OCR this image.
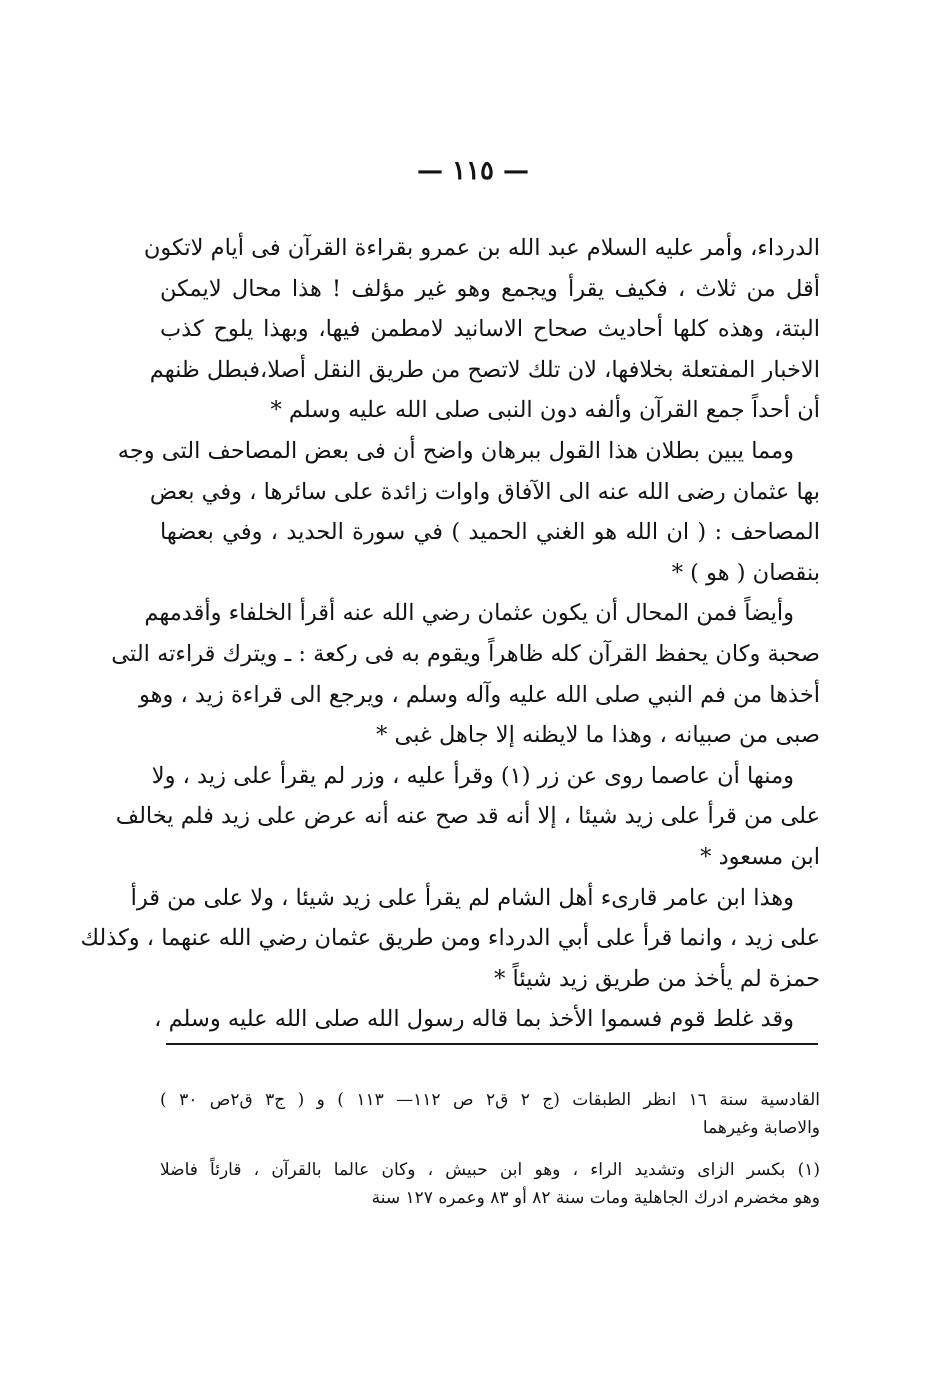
— ١١٥ —
الدرداء، وأمر عليه السلام عبد الله بن عمرو بقراءة القرآن فى أيام لاتكون
أقل من ثلاث ، فكيف يقرأ ويجمع وهو غير مؤلف ! هذا محال لايمكن
البتة، وهذه كلها أحاديث صحاح الاسانيد لامطمن فيها، وبهذا يلوح كذب
الاخبار المفتعلة بخلافها، لان تلك لاتصح من طريق النقل أصلا،فبطل ظنهم
أن أحداً جمع القرآن وألفه دون النبى صلى الله عليه وسلم *
ومما يبين بطلان هذا القول ببرهان واضح أن فى بعض المصاحف التى وجه
بها عثمان رضى الله عنه الى الآفاق واوات زائدة على سائرها ، وفي بعض
المصاحف : ( ان الله هو الغني الحميد ) في سورة الحديد ، وفي بعضها
بنقصان ( هو ) *
وأيضاً فمن المحال أن يكون عثمان رضي الله عنه أقرأ الخلفاء وأقدمهم
صحبة وكان يحفظ القرآن كله ظاهراً ويقوم به فى ركعة : ـ ويترك قراءته التى
أخذها من فم النبي صلى الله عليه وآله وسلم ، ويرجع الى قراءة زيد ، وهو
صبى من صبيانه ، وهذا ما لايظنه إلا جاهل غبى *
ومنها أن عاصما روى عن زر (١) وقرأ عليه ، وزر لم يقرأ على زيد ، ولا
على من قرأ على زيد شيئا ، إلا أنه قد صح عنه أنه عرض على زيد فلم يخالف
ابن مسعود *
وهذا ابن عامر قارىء أهل الشام لم يقرأ على زيد شيئا ، ولا على من قرأ
على زيد ، وانما قرأ على أبي الدرداء ومن طريق عثمان رضي الله عنهما ، وكذلك
حمزة لم يأخذ من طريق زيد شيئاً *
وقد غلط قوم فسموا الأخذ بما قاله رسول الله صلى الله عليه وسلم ،
القادسية سنة ١٦ انظر الطبقات (ج ٢ ق٢ ص ١١٢— ١١٣ ) و ( ج٣ ق٢ص ٣٠ )
والاصابة وغيرهما
(١) بكسر الزاى وتشديد الراء ، وهو ابن حبيش ، وكان عالما بالقرآن ، قارئاً فاضلا
وهو مخضرم ادرك الجاهلية ومات سنة ٨٢ أو ٨٣ وعمره ١٢٧ سنة
